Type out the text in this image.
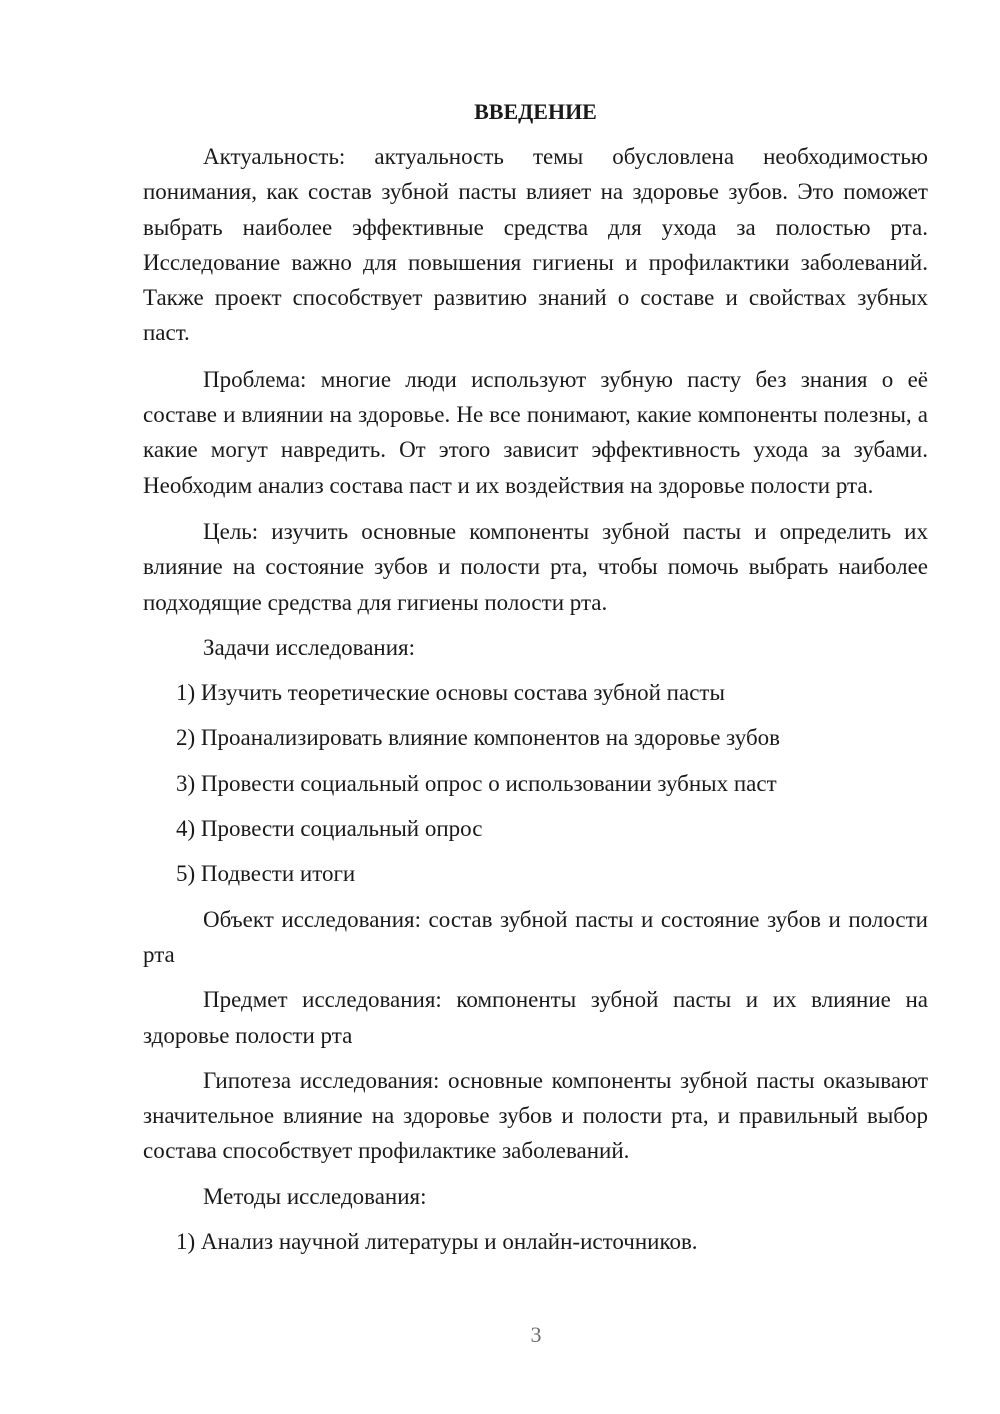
ВВЕДЕНИЕ

Актуальность: актуальность темы обусловлена необходимостью понимания, как состав зубной пасты влияет на здоровье зубов. Это поможет выбрать наиболее эффективные средства для ухода за полостью рта. Исследование важно для повышения гигиены и профилактики заболеваний. Также проект способствует развитию знаний о составе и свойствах зубных паст.

Проблема: многие люди используют зубную пасту без знания о её составе и влиянии на здоровье. Не все понимают, какие компоненты полезны, а какие могут навредить. От этого зависит эффективность ухода за зубами. Необходим анализ состава паст и их воздействия на здоровье полости рта.

Цель: изучить основные компоненты зубной пасты и определить их влияние на состояние зубов и полости рта, чтобы помочь выбрать наиболее подходящие средства для гигиены полости рта.

Задачи исследования:

1) Изучить теоретические основы состава зубной пасты

2) Проанализировать влияние компонентов на здоровье зубов

3) Провести социальный опрос о использовании зубных паст

4) Провести социальный опрос

5) Подвести итоги

Объект исследования: состав зубной пасты и состояние зубов и полости рта

Предмет исследования: компоненты зубной пасты и их влияние на здоровье полости рта

Гипотеза исследования: основные компоненты зубной пасты оказывают значительное влияние на здоровье зубов и полости рта, и правильный выбор состава способствует профилактике заболеваний.

Методы исследования:

1) Анализ научной литературы и онлайн-источников.

3
